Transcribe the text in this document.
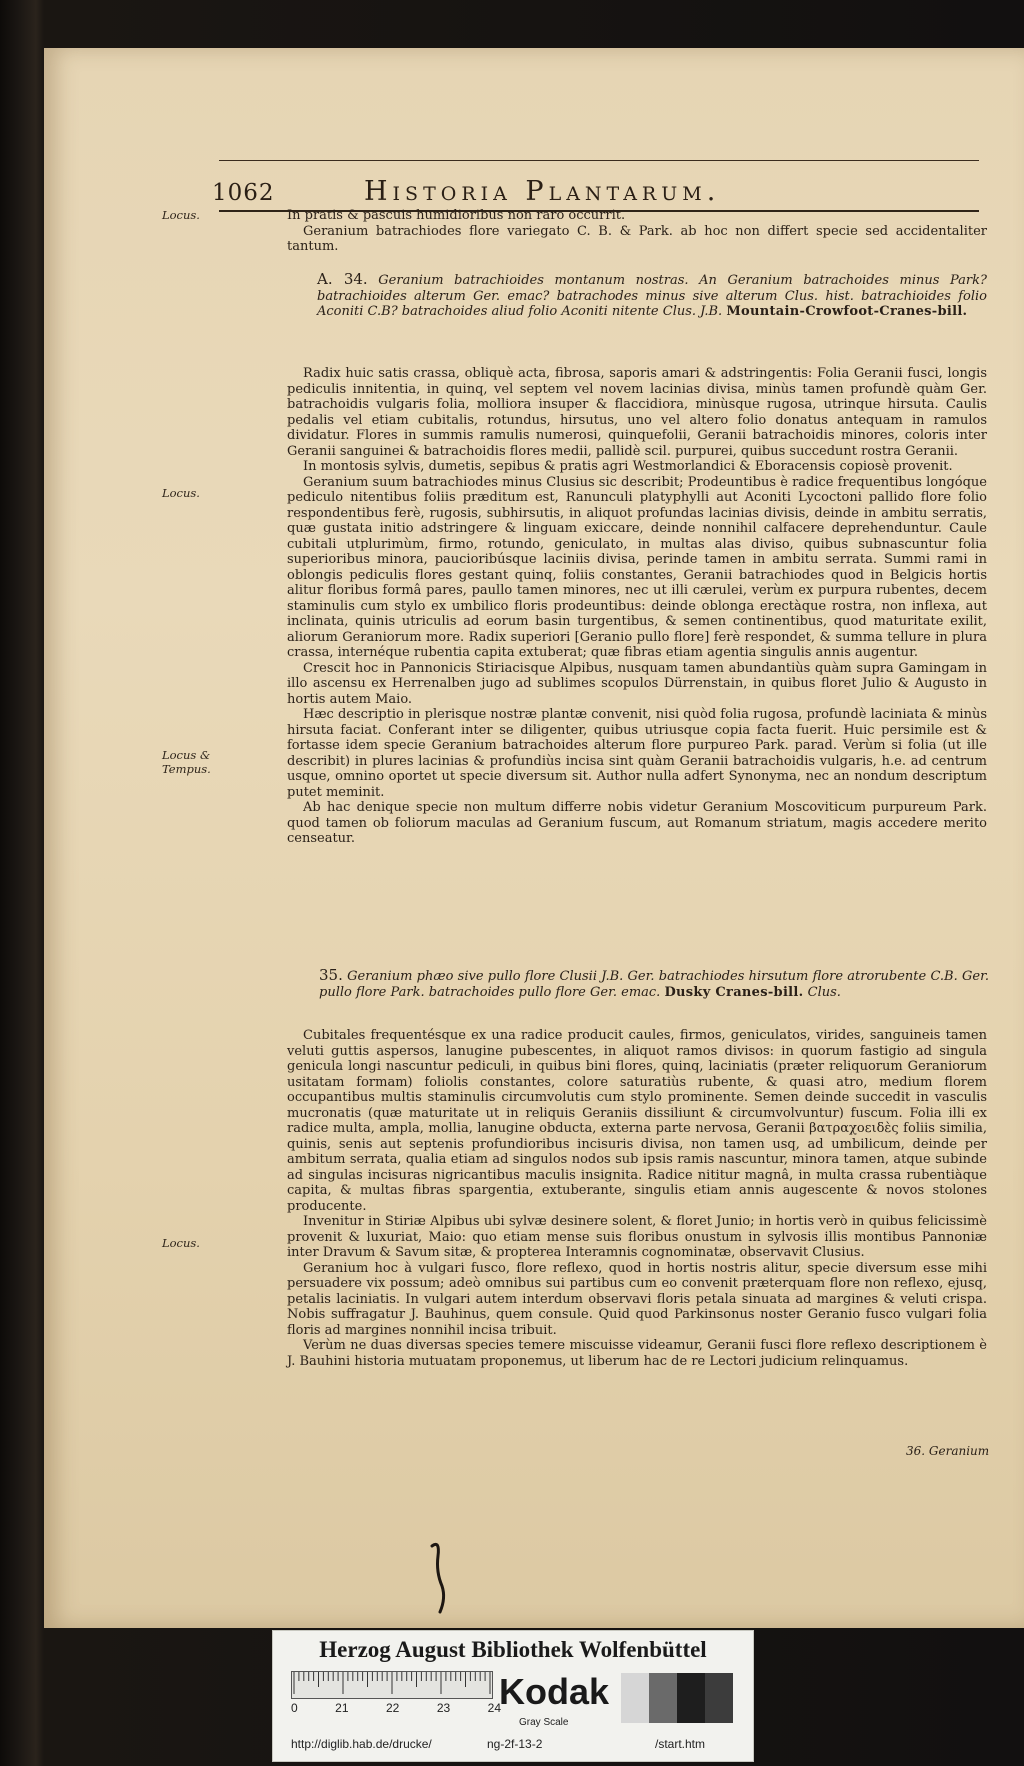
1062	Historia Plantarum.
Locus.
Locus.
Locus & Tempus.
Locus.

In pratis & pascuis humidioribus non raro occurrit.

Geranium batrachiodes flore variegato C. B. & Park. ab hoc non differt specie sed accidentaliter tantum.

A. 34. Geranium batrachioides montanum nostras. An Geranium batrachoides minus Park? batrachioides alterum Ger. emac? batrachodes minus sive alterum Clus. hist. batrachioides folio Aconiti C.B? batrachoides aliud folio Aconiti nitente Clus. J.B. Mountain-Crowfoot-Cranes-bill.

Radix huic satis crassa, obliquè acta, fibrosa, saporis amari & adstringentis: Folia Geranii fusci, longis pediculis innitentia, in quinq, vel septem vel novem lacinias divisa, minùs tamen profundè quàm Ger. batrachoidis vulgaris folia, molliora insuper & flaccidiora, minùsque rugosa, utrinque hirsuta. Caulis pedalis vel etiam cubitalis, rotundus, hirsutus, uno vel altero folio donatus antequam in ramulos dividatur. Flores in summis ramulis numerosi, quinquefolii, Geranii batrachoidis minores, coloris inter Geranii sanguinei & batrachoidis flores medii, pallidè scil. purpurei, quibus succedunt rostra Geranii.

In montosis sylvis, dumetis, sepibus & pratis agri Westmorlandici & Eboracensis copiosè provenit.

Geranium suum batrachiodes minus Clusius sic describit; Prodeuntibus è radice frequentibus longóque pediculo nitentibus foliis præditum est, Ranunculi platyphylli aut Aconiti Lycoctoni pallido flore folio respondentibus ferè, rugosis, subhirsutis, in aliquot profundas lacinias divisis, deinde in ambitu serratis, quæ gustata initio adstringere & linguam exiccare, deinde nonnihil calfacere deprehenduntur. Caule cubitali utplurimùm, firmo, rotundo, geniculato, in multas alas diviso, quibus subnascuntur folia superioribus minora, paucioribúsque laciniis divisa, perinde tamen in ambitu serrata. Summi rami in oblongis pediculis flores gestant quinq, foliis constantes, Geranii batrachiodes quod in Belgicis hortis alitur floribus formâ pares, paullo tamen minores, nec ut illi cærulei, verùm ex purpura rubentes, decem staminulis cum stylo ex umbilico floris prodeuntibus: deinde oblonga erectàque rostra, non inflexa, aut inclinata, quinis utriculis ad eorum basin turgentibus, & semen continentibus, quod maturitate exilit, aliorum Geraniorum more. Radix superiori [Geranio pullo flore] ferè respondet, & summa tellure in plura crassa, internéque rubentia capita extuberat; quæ fibras etiam agentia singulis annis augentur.

Crescit hoc in Pannonicis Stiriacisque Alpibus, nusquam tamen abundantiùs quàm supra Gamingam in illo ascensu ex Herrenalben jugo ad sublimes scopulos Dürrenstain, in quibus floret Julio & Augusto in hortis autem Maio.

Hæc descriptio in plerisque nostræ plantæ convenit, nisi quòd folia rugosa, profundè laciniata & minùs hirsuta faciat. Conferant inter se diligenter, quibus utriusque copia facta fuerit. Huic persimile est & fortasse idem specie Geranium batrachoides alterum flore purpureo Park. parad. Verùm si folia (ut ille describit) in plures lacinias & profundiùs incisa sint quàm Geranii batrachoidis vulgaris, h.e. ad centrum usque, omnino oportet ut specie diversum sit. Author nulla adfert Synonyma, nec an nondum descriptum putet meminit.

Ab hac denique specie non multum differre nobis videtur Geranium Moscoviticum purpureum Park. quod tamen ob foliorum maculas ad Geranium fuscum, aut Romanum striatum, magis accedere merito censeatur.

35. Geranium phæo sive pullo flore Clusii J.B. Ger. batrachiodes hirsutum flore atrorubente C.B. Ger. pullo flore Park. batrachoides pullo flore Ger. emac. Dusky Cranes-bill. Clus.

Cubitales frequentésque ex una radice producit caules, firmos, geniculatos, virides, sanguineis tamen veluti guttis aspersos, lanugine pubescentes, in aliquot ramos divisos: in quorum fastigio ad singula genicula longi nascuntur pediculi, in quibus bini flores, quinq, laciniatis (præter reliquorum Geraniorum usitatam formam) foliolis constantes, colore saturatiùs rubente, & quasi atro, medium florem occupantibus multis staminulis circumvolutis cum stylo prominente. Semen deinde succedit in vasculis mucronatis (quæ maturitate ut in reliquis Geraniis dissiliunt & circumvolvuntur) fuscum. Folia illi ex radice multa, ampla, mollia, lanugine obducta, externa parte nervosa, Geranii βατραχοειδὲς foliis similia, quinis, senis aut septenis profundioribus incisuris divisa, non tamen usq, ad umbilicum, deinde per ambitum serrata, qualia etiam ad singulos nodos sub ipsis ramis nascuntur, minora tamen, atque subinde ad singulas incisuras nigricantibus maculis insignita. Radice nititur magnâ, in multa crassa rubentiàque capita, & multas fibras spargentia, extuberante, singulis etiam annis augescente & novos stolones producente.

Invenitur in Stiriæ Alpibus ubi sylvæ desinere solent, & floret Junio; in hortis verò in quibus felicissimè provenit & luxuriat, Maio: quo etiam mense suis floribus onustum in sylvosis illis montibus Pannoniæ inter Dravum & Savum sitæ, & propterea Interamnis cognominatæ, observavit Clusius.

Geranium hoc à vulgari fusco, flore reflexo, quod in hortis nostris alitur, specie diversum esse mihi persuadere vix possum; adeò omnibus sui partibus cum eo convenit præterquam flore non reflexo, ejusq, petalis laciniatis. In vulgari autem interdum observavi floris petala sinuata ad margines & veluti crispa. Nobis suffragatur J. Bauhinus, quem consule. Quid quod Parkinsonus noster Geranio fusco vulgari folia floris ad margines nonnihil incisa tribuit.

Verùm ne duas diversas species temere miscuisse videamur, Geranii fusci flore reflexo descriptionem è J. Bauhini historia mutuatam proponemus, ut liberum hac de re Lectori judicium relinquamus.

36. Geranium
Herzog August Bibliothek Wolfenbüttel
0	21	22	23	24
Kodak
Gray Scale
http://diglib.hab.de/drucke/	ng-2f-13-2	/start.htm
